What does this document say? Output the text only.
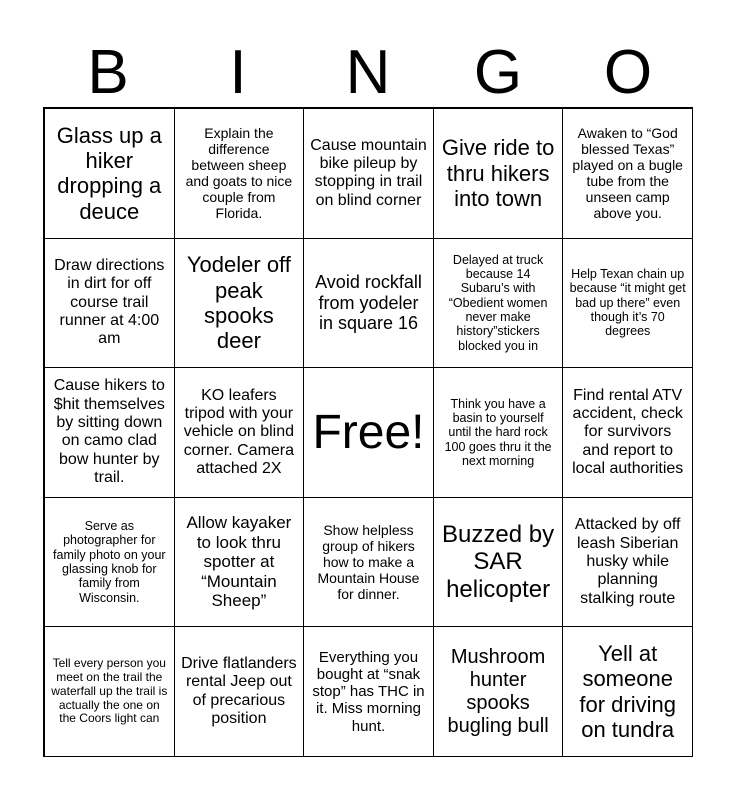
B	I	N	G	O
Glass up a hiker dropping a deuce
Explain the difference between sheep and goats to nice couple from Florida.
Cause mountain bike pileup by stopping in trail on blind corner
Give ride to thru hikers into town
Awaken to “God blessed Texas” played on a bugle tube from the unseen camp above you.
Draw directions in dirt for off course trail runner at 4:00 am
Yodeler off peak spooks deer
Avoid rockfall from yodeler in square 16
Delayed at truck because 14 Subaru’s with “Obedient women never make history”stickers blocked you in
Help Texan chain up because “it might get bad up there” even though it’s 70 degrees
Cause hikers to $hit themselves by sitting down on camo clad bow hunter by trail.
KO leafers tripod with your vehicle on blind corner. Camera attached 2X
Free!
Think you have a basin to yourself until the hard rock 100 goes thru it the next morning
Find rental ATV accident, check for survivors and report to local authorities
Serve as photographer for family photo on your glassing knob for family from Wisconsin.
Allow kayaker to look thru spotter at “Mountain Sheep”
Show helpless group of hikers how to make a Mountain House for dinner.
Buzzed by SAR helicopter
Attacked by off leash Siberian husky while planning stalking route
Tell every person you meet on the trail the waterfall up the trail is actually the one on the Coors light can
Drive flatlanders rental Jeep out of precarious position
Everything you bought at “snak stop” has THC in it. Miss morning hunt.
Mushroom hunter spooks bugling bull
Yell at someone for driving on tundra
